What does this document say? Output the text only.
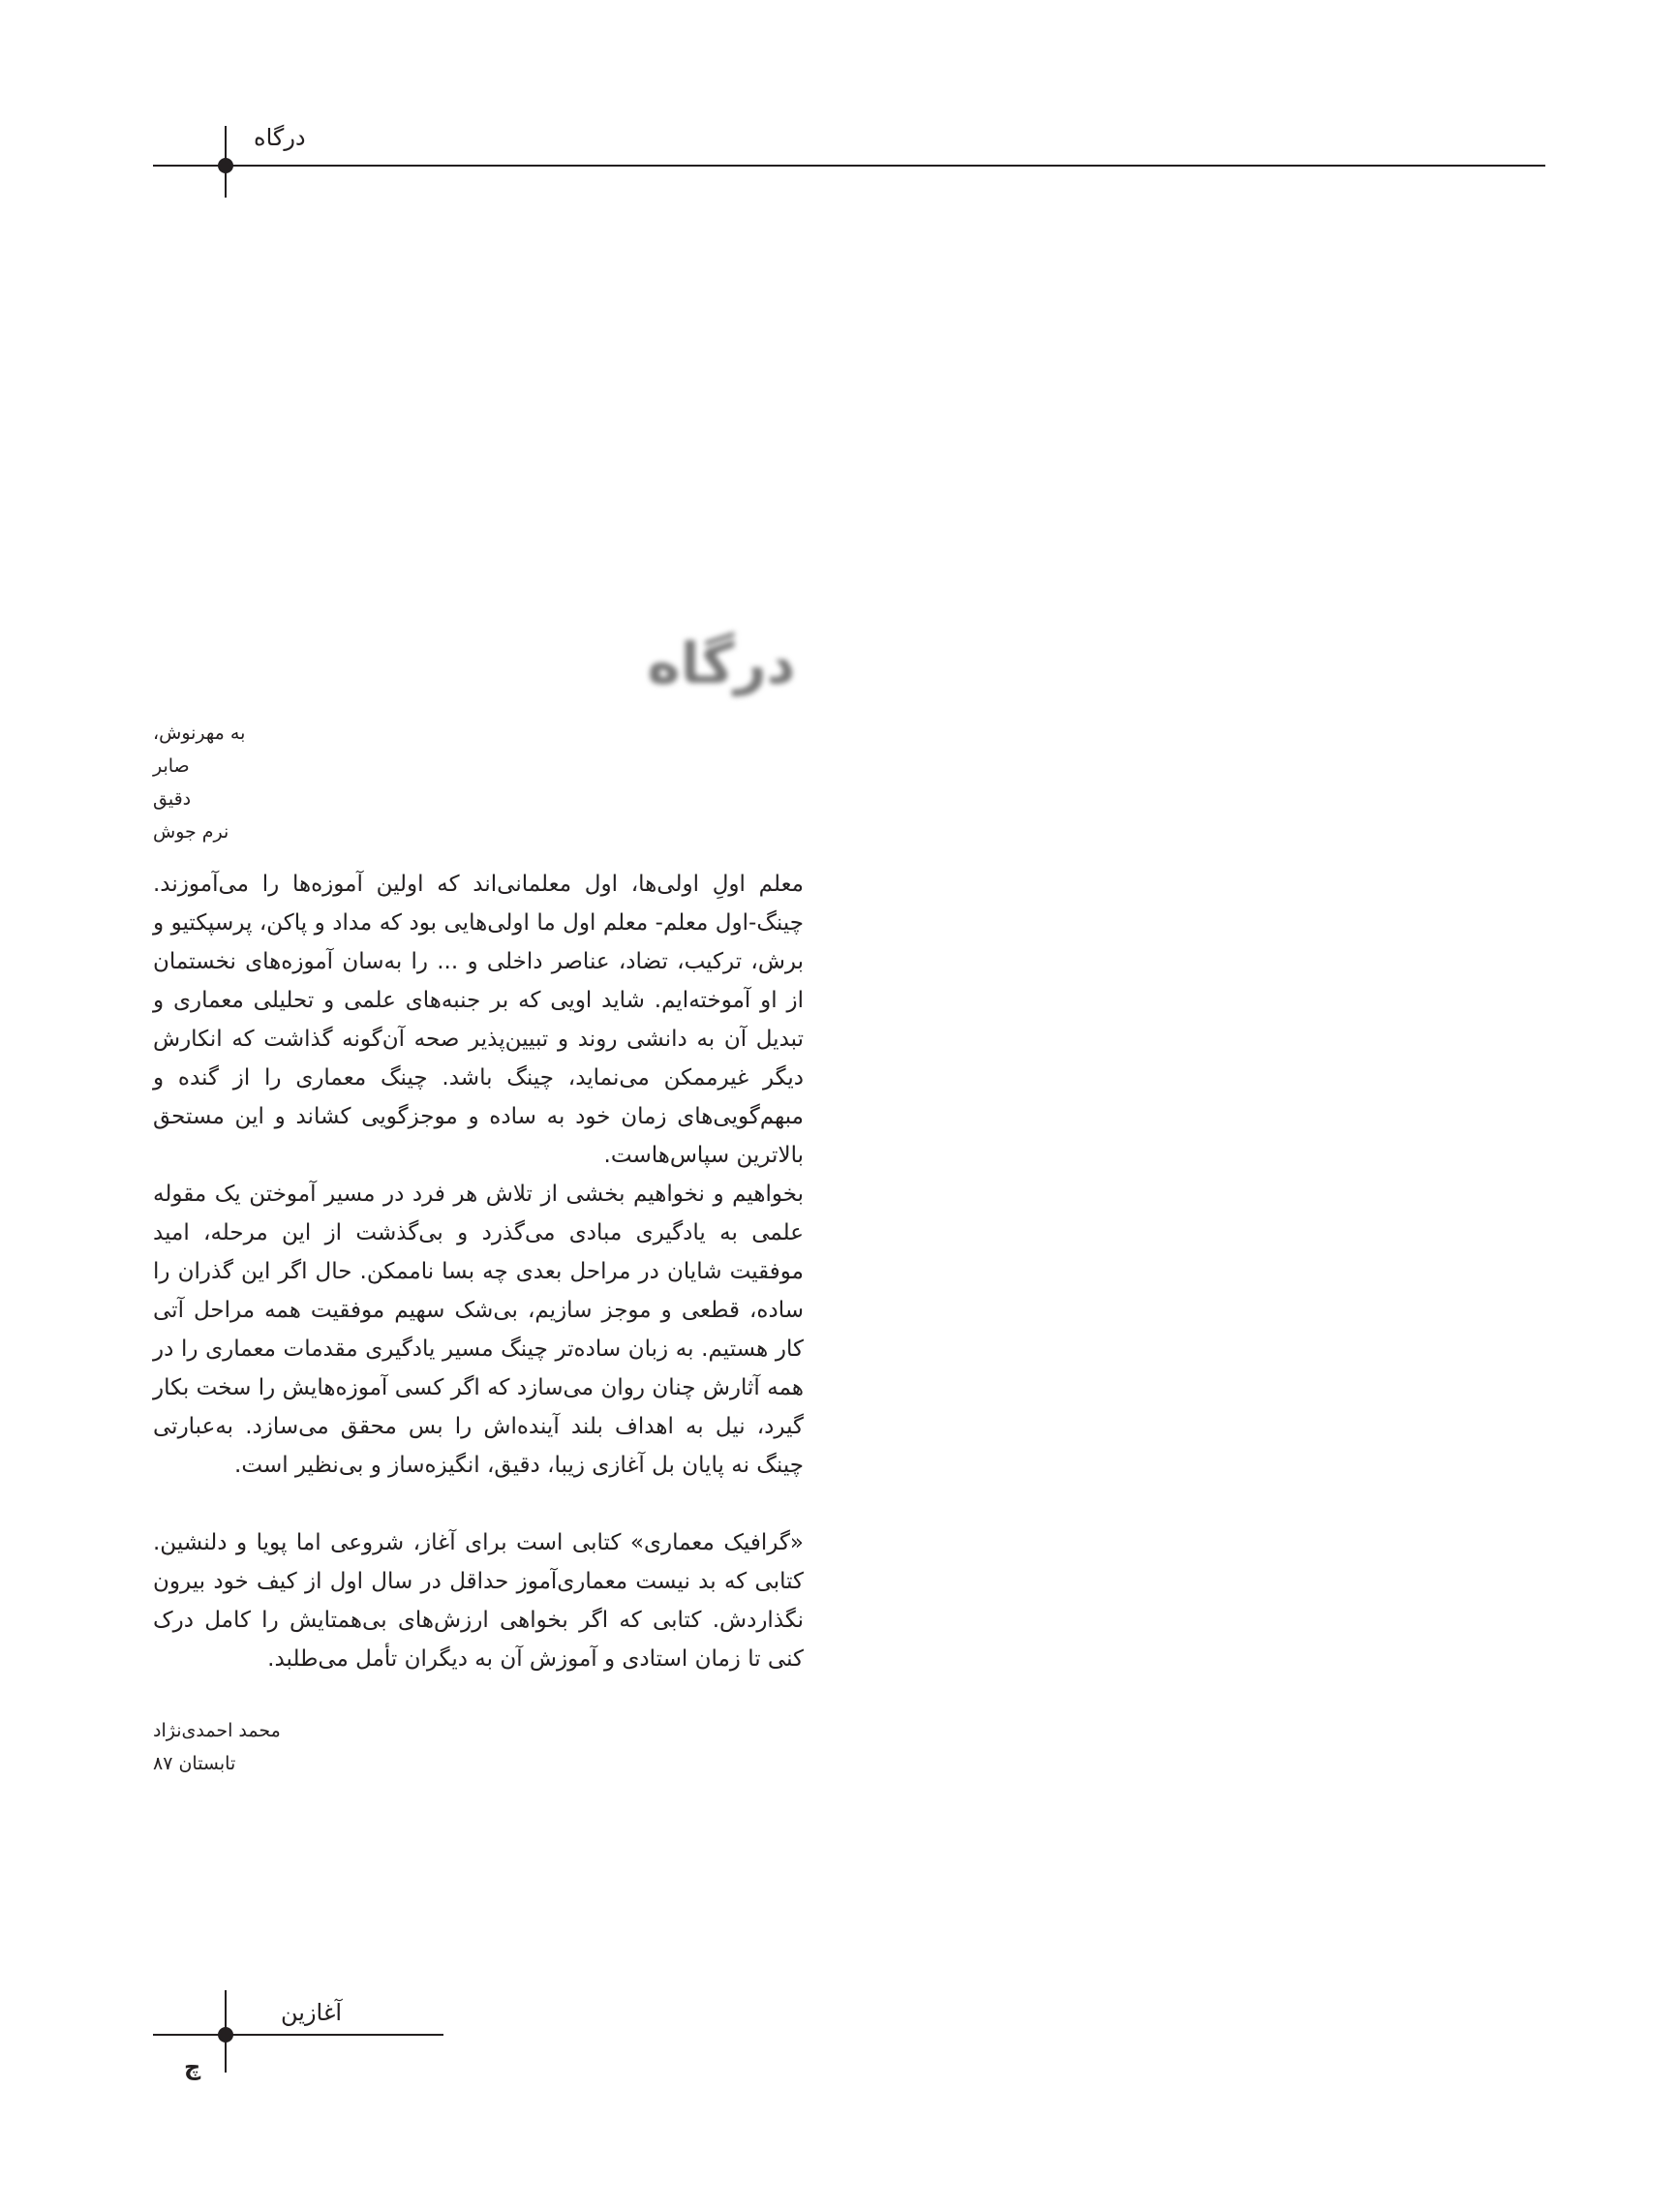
درگاه
درگاه
به مهرنوش،
صابر
دقیق
نرم جوش
معلم اولِ اولی‌ها، اول معلمانی‌اند که اولین آموزه‌ها را می‌آموزند. چینگ-اول معلم- معلم اول ما اولی‌هایی بود که مداد و پاکن، پرسپکتیو و برش، ترکیب، تضاد، عناصر داخلی و ... را به‌سان آموزه‌های نخستمان از او آموخته‌ایم. شاید اویی که بر جنبه‌های علمی و تحلیلی معماری و تبدیل آن به دانشی روند و تبیین‌پذیر صحه آن‌گونه گذاشت که انکارش دیگر غیرممکن می‌نماید، چینگ باشد. چینگ معماری را از گنده و مبهم‌گویی‌های زمان خود به ساده و موجزگویی کشاند و این مستحق بالاترین سپاس‌هاست.
بخواهیم و نخواهیم بخشی از تلاش هر فرد در مسیر آموختن یک مقوله علمی به یادگیری مبادی می‌گذرد و بی‌گذشت از این مرحله، امید موفقیت شایان در مراحل بعدی چه بسا ناممکن. حال اگر این گذران را ساده، قطعی و موجز سازیم، بی‌شک سهیم موفقیت همه مراحل آتی کار هستیم. به زبان ساده‌تر چینگ مسیر یادگیری مقدمات معماری را در همه آثارش چنان روان می‌سازد که اگر کسی آموزه‌هایش را سخت بکار گیرد، نیل به اهداف بلند آینده‌اش را بس محقق می‌سازد. به‌عبارتی چینگ نه پایان بل آغازی زیبا، دقیق، انگیزه‌ساز و بی‌نظیر است.
«گرافیک معماری» کتابی است برای آغاز، شروعی اما پویا و دلنشین. کتابی که بد نیست معماری‌آموز حداقل در سال اول از کیف خود بیرون نگذاردش. کتابی که اگر بخواهی ارزش‌های بی‌همتایش را کامل درک کنی تا زمان استادی و آموزش آن به دیگران تأمل می‌طلبد.
محمد احمدی‌نژاد
تابستان ۸۷
آغازین
چ
